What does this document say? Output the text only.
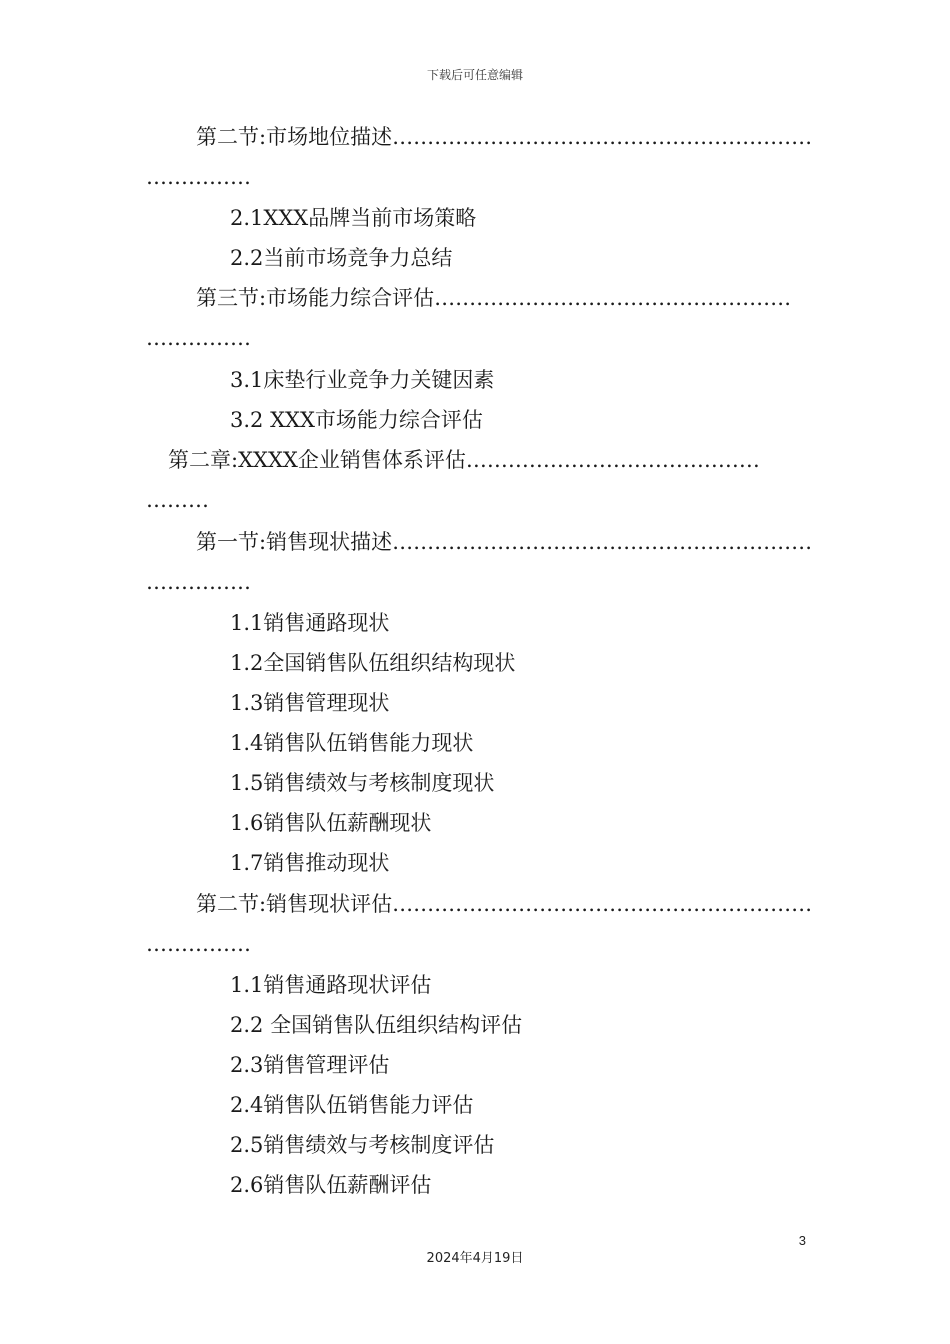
下载后可任意编辑
第二节:市场地位描述……………………………………………………
……………
2.1XXX品牌当前市场策略
2.2当前市场竞争力总结
第三节:市场能力综合评估……………………………………………
……………
3.1床垫行业竞争力关键因素
3.2 XXX市场能力综合评估
第二章:XXXX企业销售体系评估……………………………………
………
第一节:销售现状描述……………………………………………………
……………
1.1销售通路现状
1.2全国销售队伍组织结构现状
1.3销售管理现状
1.4销售队伍销售能力现状
1.5销售绩效与考核制度现状
1.6销售队伍薪酬现状
1.7销售推动现状
第二节:销售现状评估……………………………………………………
……………
1.1销售通路现状评估
2.2 全国销售队伍组织结构评估
2.3销售管理评估
2.4销售队伍销售能力评估
2.5销售绩效与考核制度评估
2.6销售队伍薪酬评估
3
2024年4月19日
